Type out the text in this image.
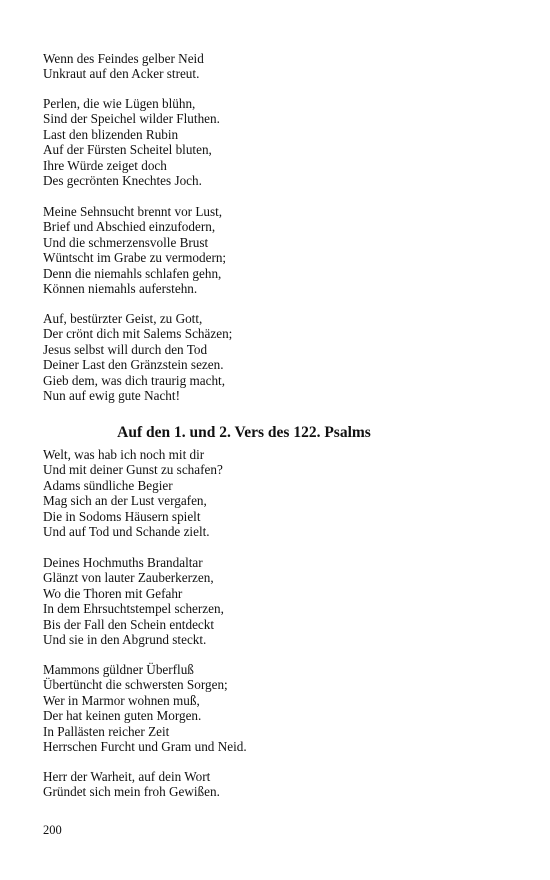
Wenn des Feindes gelber Neid
Unkraut auf den Acker streut.
Perlen, die wie Lügen blühn,
Sind der Speichel wilder Fluthen.
Last den blizenden Rubin
Auf der Fürsten Scheitel bluten,
Ihre Würde zeiget doch
Des gecrönten Knechtes Joch.
Meine Sehnsucht brennt vor Lust,
Brief und Abschied einzufodern,
Und die schmerzensvolle Brust
Wüntscht im Grabe zu vermodern;
Denn die niemahls schlafen gehn,
Können niemahls auferstehn.
Auf, bestürzter Geist, zu Gott,
Der crönt dich mit Salems Schäzen;
Jesus selbst will durch den Tod
Deiner Last den Gränzstein sezen.
Gieb dem, was dich traurig macht,
Nun auf ewig gute Nacht!
Auf den 1. und 2. Vers des 122. Psalms
Welt, was hab ich noch mit dir
Und mit deiner Gunst zu schafen?
Adams sündliche Begier
Mag sich an der Lust vergafen,
Die in Sodoms Häusern spielt
Und auf Tod und Schande zielt.
Deines Hochmuths Brandaltar
Glänzt von lauter Zauberkerzen,
Wo die Thoren mit Gefahr
In dem Ehrsuchtstempel scherzen,
Bis der Fall den Schein entdeckt
Und sie in den Abgrund steckt.
Mammons güldner Überfluß
Übertüncht die schwersten Sorgen;
Wer in Marmor wohnen muß,
Der hat keinen guten Morgen.
In Pallästen reicher Zeit
Herrschen Furcht und Gram und Neid.
Herr der Warheit, auf dein Wort
Gründet sich mein froh Gewißen.
200
